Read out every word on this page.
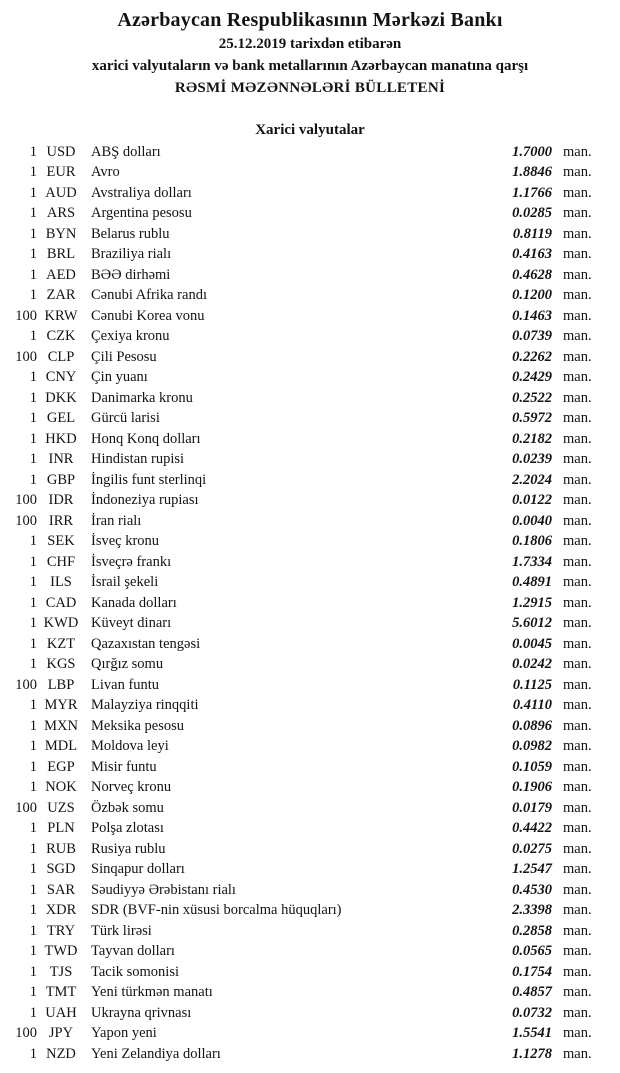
Azərbaycan Respublikasının Mərkəzi Bankı
25.12.2019 tarixdən etibarən
xarici valyutaların və bank metallarının Azərbaycan manatına qarşı
RƏSMİ MƏZƏNNƏLƏRİ BÜLLETENİ
Xarici valyutalar
1 USD	ABŞ dolları	1.7000 man.
1 EUR	Avro	1.8846 man.
1 AUD Avstraliya dolları	1.1766 man.
1 ARS	Argentina pesosu	0.0285 man.
1 BYN	Belarus rublu	0.8119 man.
1 BRL	Braziliya rialı	0.4163 man.
1 AED	BƏƏ dirhəmi	0.4628 man.
1 ZAR	Cənubi Afrika randı	0.1200 man.
100 KRW Cənubi Korea vonu	0.1463 man.
1 CZK	Çexiya kronu	0.0739 man.
100 CLP	Çili Pesosu	0.2262 man.
1 CNY	Çin yuanı	0.2429 man.
1 DKK Danimarka kronu	0.2522 man.
1 GEL	Gürcü larisi	0.5972 man.
1 HKD Honq Konq dolları	0.2182 man.
1 INR	Hindistan rupisi	0.0239 man.
1 GBP	İngilis funt sterlinqi	2.2024 man.
100 IDR	İndoneziya rupiası	0.0122 man.
100 IRR	İran rialı	0.0040 man.
1 SEK	İsveç kronu	0.1806 man.
1 CHF	İsveçrə frankı	1.7334 man.
1 ILS	İsrail şekeli	0.4891 man.
1 CAD	Kanada dolları	1.2915 man.
1 KWD Küveyt dinarı	5.6012 man.
1 KZT	Qazaxıstan tengəsi	0.0045 man.
1 KGS	Qırğız somu	0.0242 man.
100 LBP	Livan funtu	0.1125 man.
1 MYR Malayziya rinqqiti	0.4110 man.
1 MXN Meksika pesosu	0.0896 man.
1 MDL Moldova leyi	0.0982 man.
1 EGP	Misir funtu	0.1059 man.
1 NOK Norveç kronu	0.1906 man.
100 UZS	Özbək somu	0.0179 man.
1 PLN	Polşa zlotası	0.4422 man.
1 RUB	Rusiya rublu	0.0275 man.
1 SGD	Sinqapur dolları	1.2547 man.
1 SAR	Səudiyyə Ərəbistanı rialı	0.4530 man.
1 XDR	SDR (BVF-nin xüsusi borcalma hüquqları)	2.3398 man.
1 TRY	Türk lirəsi	0.2858 man.
1 TWD Tayvan dolları	0.0565 man.
1 TJS	Tacik somonisi	0.1754 man.
1 TMT	Yeni türkmən manatı	0.4857 man.
1 UAH Ukrayna qrivnası	0.0732 man.
100 JPY	Yapon yeni	1.5541 man.
1 NZD	Yeni Zelandiya dolları	1.1278 man.
